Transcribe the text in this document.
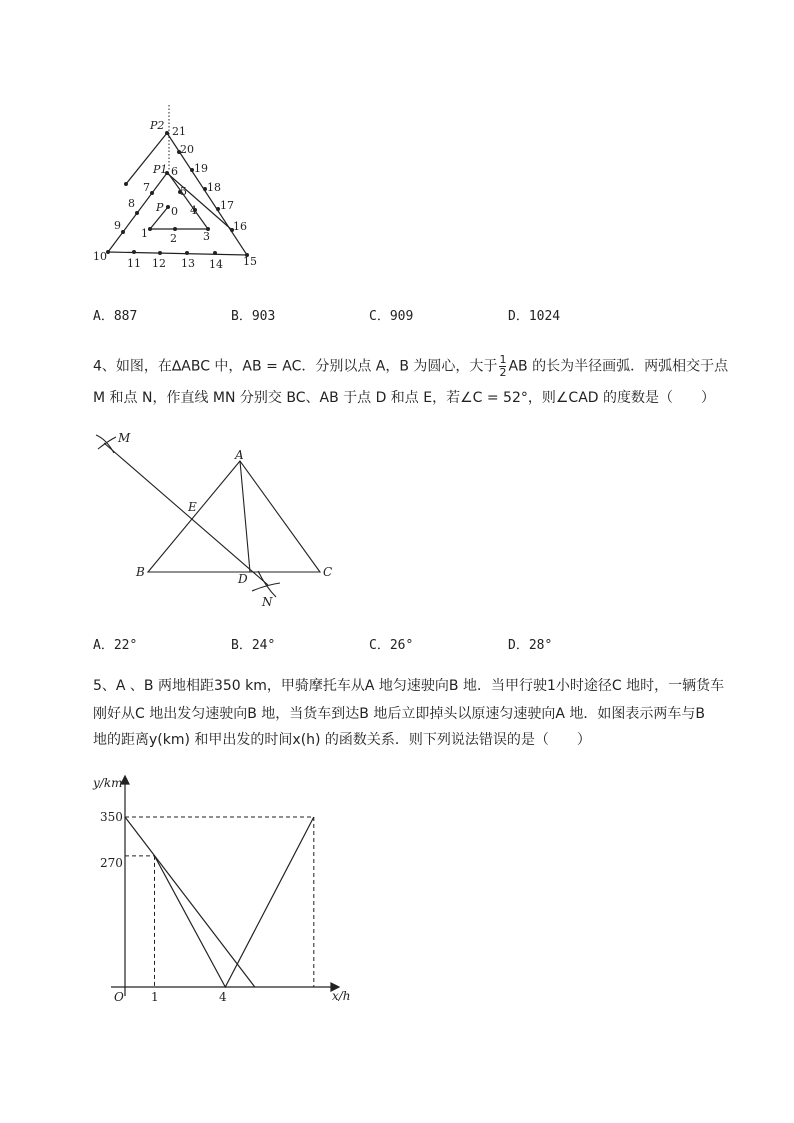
P2 21
20
19
18
17
16
15
14
13
12
11
10
9
8
7
P1 6
5
4
P 0
1 2 3
A．887	B．903	C．909	D．1024
4、如图，在∆ABC 中，AB = AC．分别以点 A，B 为圆心，大于 $\frac{1}{2}$ AB 的长为半径画弧．两弧相交于点
M 和点 N，作直线 MN 分别交 BC、AB 于点 D 和点 E，若∠C = 52°，则∠CAD 的度数是（　　）
M
A
E
B	D	C
N
A．22°	B．24°	C．26°	D．28°
5、A 、B 两地相距350 km，甲骑摩托车从A 地匀速驶向B 地．当甲行驶1小时途径C 地时，一辆货车
刚好从C 地出发匀速驶向B 地，当货车到达B 地后立即掉头以原速匀速驶向A 地．如图表示两车与B
地的距离y(km) 和甲出发的时间x(h) 的函数关系．则下列说法错误的是（　　）
y/km
x/h
O
350
270
1	4
